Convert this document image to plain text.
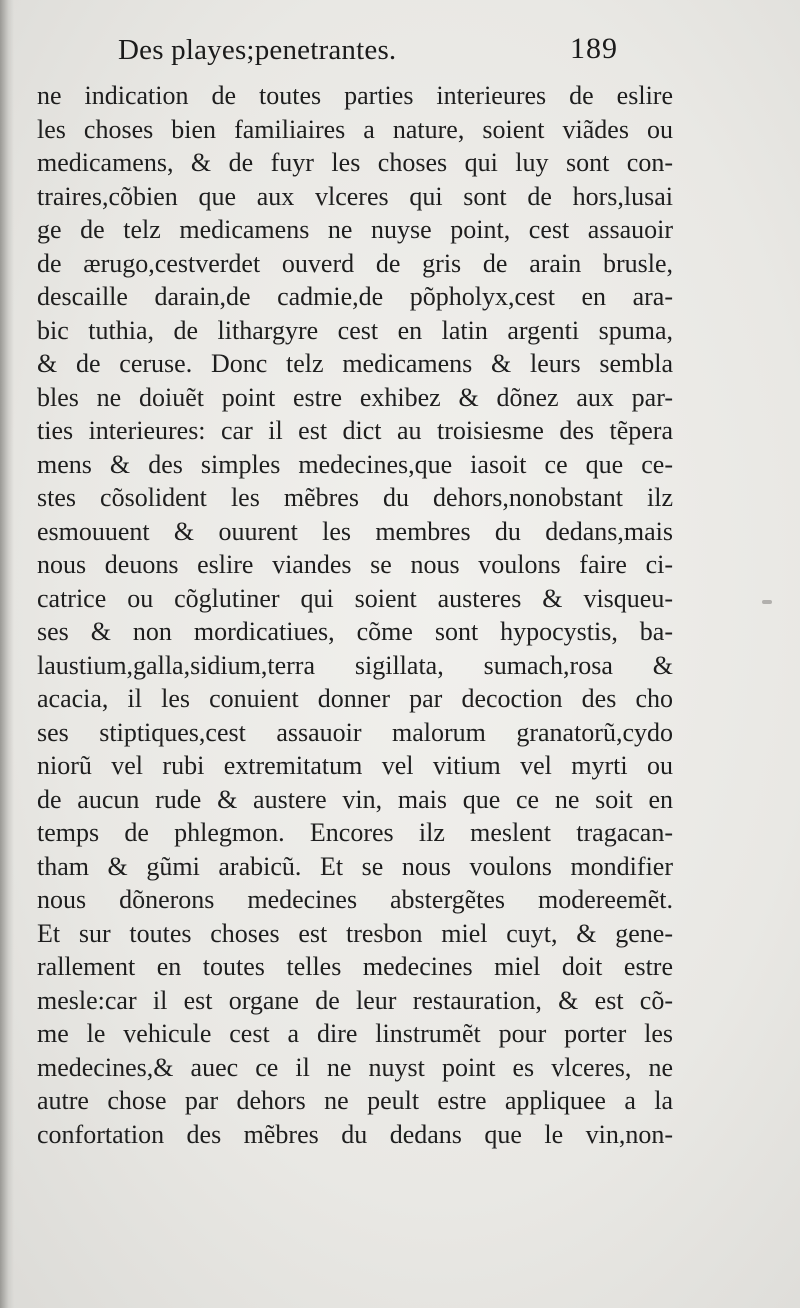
Des playes;penetrantes.	189
ne indication de toutes parties interieures de eslire
les choses bien familiaires a nature, soient viãdes ou
medicamens, & de fuyr les choses qui luy sont con-
traires,cõbien que aux vlceres qui sont de hors,lusai
ge de telz medicamens ne nuyse point, cest assauoir
de ærugo,cestverdet ouverd de gris de arain brusle,
descaille darain,de cadmie,de põpholyx,cest en ara-
bic tuthia, de lithargyre cest en latin argenti spuma,
& de ceruse. Donc telz medicamens & leurs sembla
bles ne doiuẽt point estre exhibez & dõnez aux par-
ties interieures: car il est dict au troisiesme des tẽpera
mens & des simples medecines,que iasoit ce que ce-
stes cõsolident les mẽbres du dehors,nonobstant ilz
esmouuent & ouurent les membres du dedans,mais
nous deuons eslire viandes se nous voulons faire ci-
catrice ou cõglutiner qui soient austeres & visqueu-
ses & non mordicatiues, cõme sont hypocystis, ba-
laustium,galla,sidium,terra sigillata, sumach,rosa &
acacia, il les conuient donner par decoction des cho
ses stiptiques,cest assauoir malorum granatorũ,cydo
niorũ vel rubi extremitatum vel vitium vel myrti ou
de aucun rude & austere vin, mais que ce ne soit en
temps de phlegmon. Encores ilz meslent tragacan-
tham & gũmi arabicũ. Et se nous voulons mondifier
nous dõnerons medecines abstergẽtes modereemẽt.
Et sur toutes choses est tresbon miel cuyt, & gene-
rallement en toutes telles medecines miel doit estre
mesle:car il est organe de leur restauration, & est cõ-
me le vehicule cest a dire linstrumẽt pour porter les
medecines,& auec ce il ne nuyst point es vlceres, ne
autre chose par dehors ne peult estre appliquee a la
confortation des mẽbres du dedans que le vin,non-
